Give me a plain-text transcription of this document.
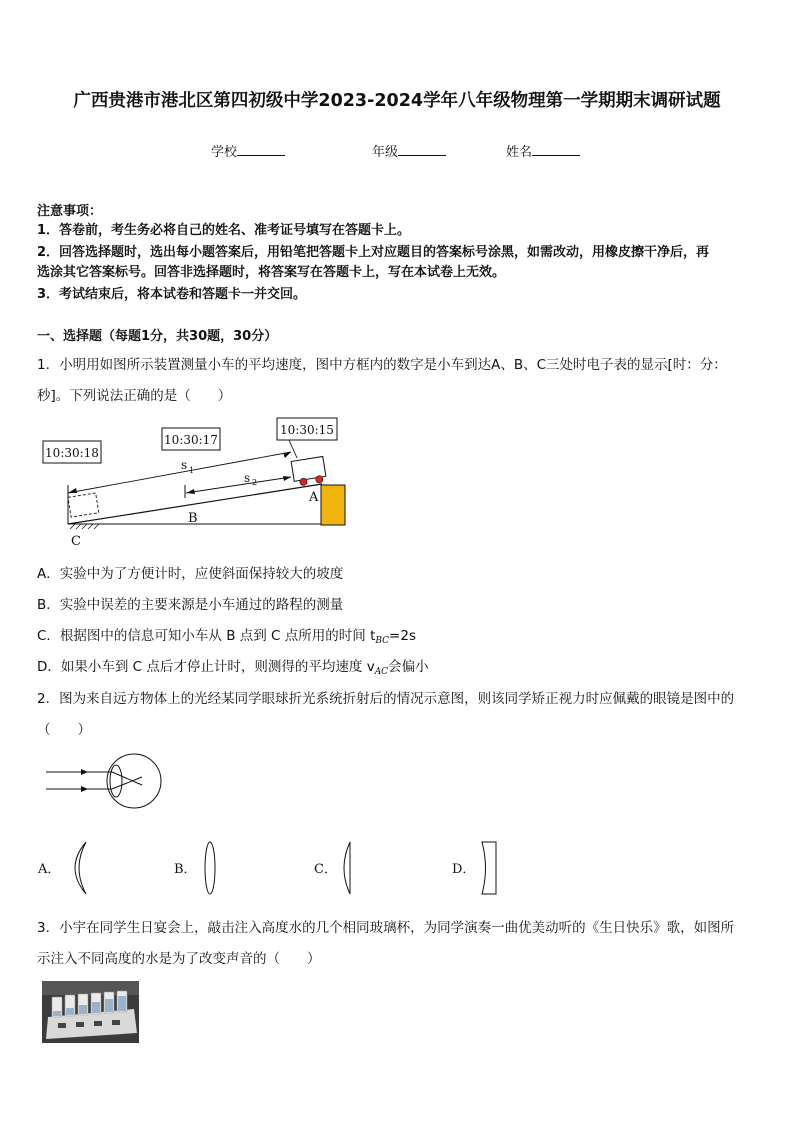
广西贵港市港北区第四初级中学2023-2024学年八年级物理第一学期期末调研试题
学校	年级	姓名
注意事项：
1．答卷前，考生务必将自己的姓名、准考证号填写在答题卡上。
2．回答选择题时，选出每小题答案后，用铅笔把答题卡上对应题目的答案标号涂黑，如需改动，用橡皮擦干净后，再
选涂其它答案标号。回答非选择题时，将答案写在答题卡上，写在本试卷上无效。
3．考试结束后，将本试卷和答题卡一并交回。
一、选择题（每题1分，共30题，30分）
1．小明用如图所示装置测量小车的平均速度，图中方框内的数字是小车到达A、B、C三处时电子表的显示[时：分：
秒]。下列说法正确的是（　　）
10:30:18
10:30:17
10:30:15
s 1
s 2
A
B
C
A．实验中为了方便计时，应使斜面保持较大的坡度
B．实验中误差的主要来源是小车通过的路程的测量
C．根据图中的信息可知小车从 B 点到 C 点所用的时间 $t_{BC}=2s$
D．如果小车到 C 点后才停止计时，则测得的平均速度 $v_{AC}$会偏小
2．图为来自远方物体上的光经某同学眼球折光系统折射后的情况示意图，则该同学矫正视力时应佩戴的眼镜是图中的
（　　）
A．	B．	C．	D．
3．小宇在同学生日宴会上，敲击注入高度水的几个相同玻璃杯，为同学演奏一曲优美动听的《生日快乐》歌，如图所
示注入不同高度的水是为了改变声音的（　　）
